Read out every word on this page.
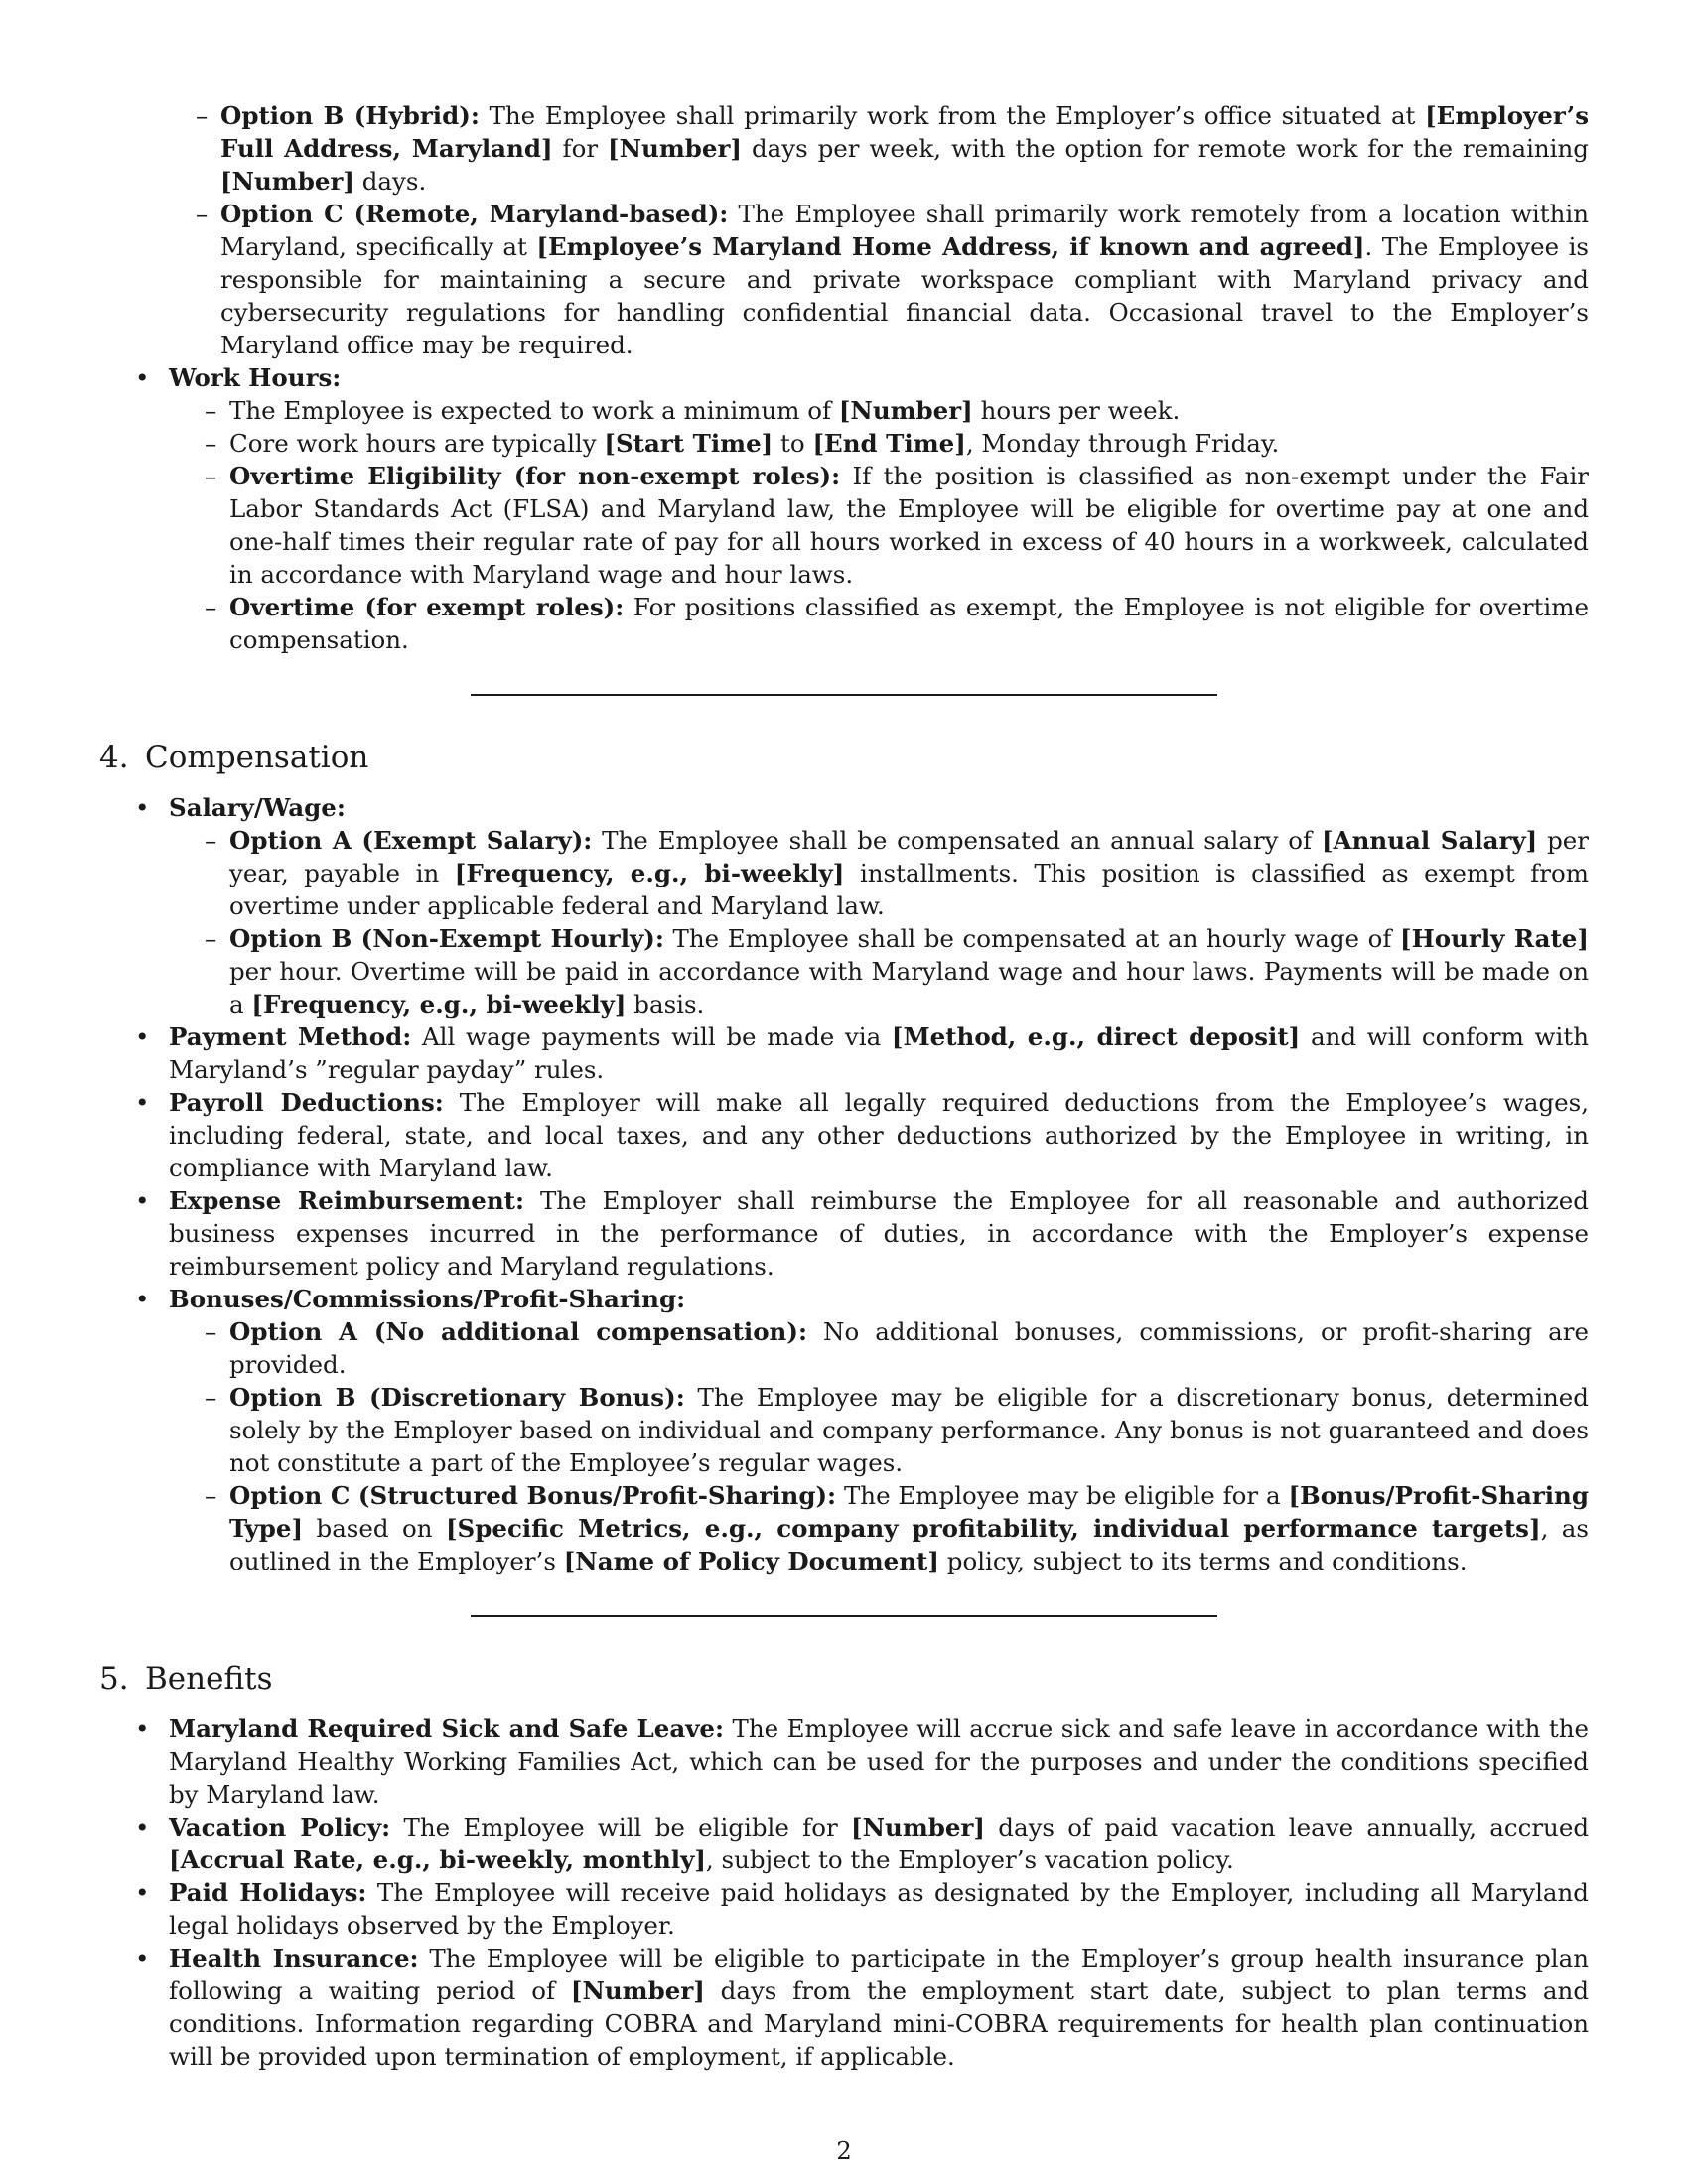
– Option B (Hybrid): The Employee shall primarily work from the Employer’s office situated at [Employer’s Full Address, Maryland] for [Number] days per week, with the option for remote work for the remaining [Number] days.
– Option C (Remote, Maryland-based): The Employee shall primarily work remotely from a location within Maryland, specifically at [Employee’s Maryland Home Address, if known and agreed]. The Employee is responsible for maintaining a secure and private workspace compliant with Maryland privacy and cybersecurity regulations for handling confidential financial data. Occasional travel to the Employer’s Maryland office may be required.
• Work Hours:
– The Employee is expected to work a minimum of [Number] hours per week.
– Core work hours are typically [Start Time] to [End Time], Monday through Friday.
– Overtime Eligibility (for non-exempt roles): If the position is classified as non-exempt under the Fair Labor Standards Act (FLSA) and Maryland law, the Employee will be eligible for overtime pay at one and one-half times their regular rate of pay for all hours worked in excess of 40 hours in a workweek, calculated in accordance with Maryland wage and hour laws.
– Overtime (for exempt roles): For positions classified as exempt, the Employee is not eligible for overtime compensation.
4. Compensation
• Salary/Wage:
– Option A (Exempt Salary): The Employee shall be compensated an annual salary of [Annual Salary] per year, payable in [Frequency, e.g., bi-weekly] installments. This position is classified as exempt from overtime under applicable federal and Maryland law.
– Option B (Non-Exempt Hourly): The Employee shall be compensated at an hourly wage of [Hourly Rate] per hour. Overtime will be paid in accordance with Maryland wage and hour laws. Payments will be made on a [Frequency, e.g., bi-weekly] basis.
• Payment Method: All wage payments will be made via [Method, e.g., direct deposit] and will conform with Maryland’s ”regular payday” rules.
• Payroll Deductions: The Employer will make all legally required deductions from the Employee’s wages, including federal, state, and local taxes, and any other deductions authorized by the Employee in writing, in compliance with Maryland law.
• Expense Reimbursement: The Employer shall reimburse the Employee for all reasonable and authorized business expenses incurred in the performance of duties, in accordance with the Employer’s expense reimbursement policy and Maryland regulations.
• Bonuses/Commissions/Profit-Sharing:
– Option A (No additional compensation): No additional bonuses, commissions, or profit-sharing are provided.
– Option B (Discretionary Bonus): The Employee may be eligible for a discretionary bonus, determined solely by the Employer based on individual and company performance. Any bonus is not guaranteed and does not constitute a part of the Employee’s regular wages.
– Option C (Structured Bonus/Profit-Sharing): The Employee may be eligible for a [Bonus/Profit-Sharing Type] based on [Specific Metrics, e.g., company profitability, individual performance targets], as outlined in the Employer’s [Name of Policy Document] policy, subject to its terms and conditions.
5. Benefits
• Maryland Required Sick and Safe Leave: The Employee will accrue sick and safe leave in accordance with the Maryland Healthy Working Families Act, which can be used for the purposes and under the conditions specified by Maryland law.
• Vacation Policy: The Employee will be eligible for [Number] days of paid vacation leave annually, accrued [Accrual Rate, e.g., bi-weekly, monthly], subject to the Employer’s vacation policy.
• Paid Holidays: The Employee will receive paid holidays as designated by the Employer, including all Maryland legal holidays observed by the Employer.
• Health Insurance: The Employee will be eligible to participate in the Employer’s group health insurance plan following a waiting period of [Number] days from the employment start date, subject to plan terms and conditions. Information regarding COBRA and Maryland mini-COBRA requirements for health plan continuation will be provided upon termination of employment, if applicable.
2
